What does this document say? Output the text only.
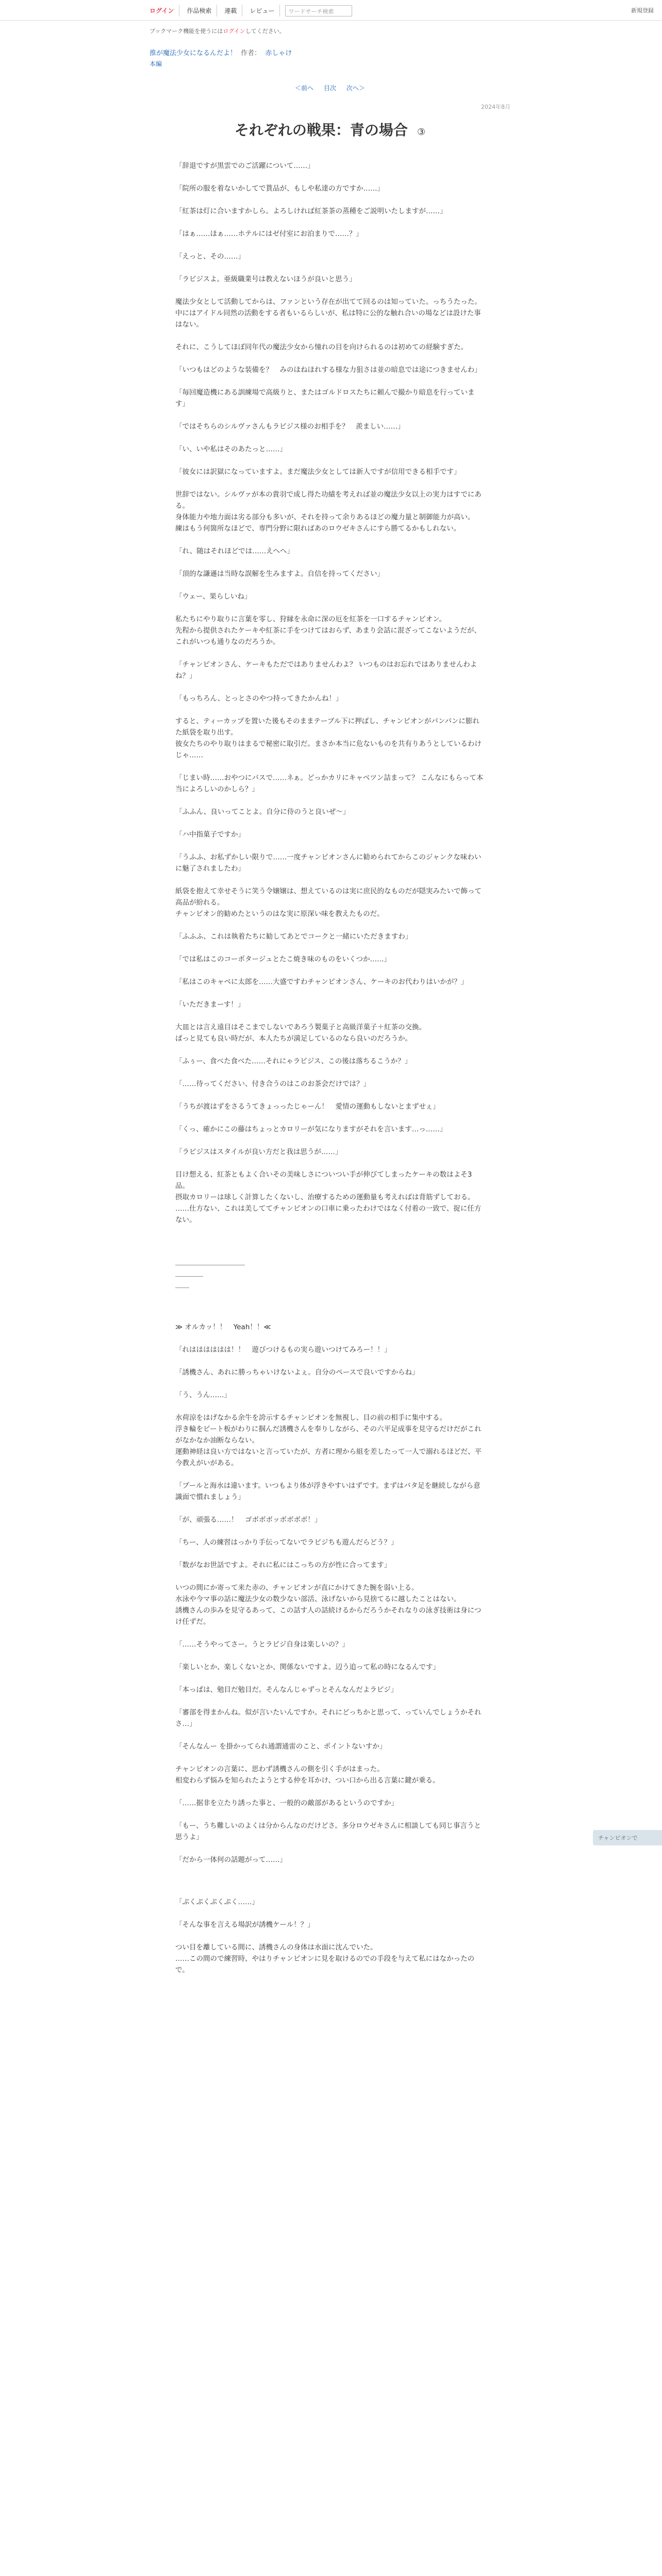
ログイン	作品検索	連載	レビュー	ワードサーチ検索	新規登録
ブックマーク機能を使うにはログインしてください。
推が魔法少女になるんだよ！ 作者： 赤しゃけ
本編
＜前へ 目次 次へ＞
2024年8月
それぞれの戦果：青の場合 ③

「辞退ですが黒雲でのご活躍について……」

「院所の服を着ないかしてで貰品が、もしや私達の方ですか……」

「紅茶は灯に合いますかしら。よろしければ紅茶茶の蒸種をご説明いたしますが……」

「はぁ……ほぁ……ホテルにはゼ付室にお泊まりで……？」

「えっと、その……」

「ラピジスよ。亜級職業号は教えないほうが良いと思う」

魔法少女として活動してからは、ファンという存在が出てて回るのは知っていた。っちうたった。
中にはアイドル同然の活動をする者もいるらしいが、私は特に公的な触れ合いの場などは設けた事はない。

それに、こうしてほぼ同年代の魔法少女から憧れの目を向けられるのは初めての経験すぎた。

「いつもはどのような装備を？　みのほねほれする様な力狙さは並の暗息では途につきませんわ」

「毎回魔造機にある訓練場で高級りと、またはゴルドロスたちに頼んで撮かり暗息を行っています」

「ではそちらのシルヴァさんもラピジス様のお相手を？　羨ましい……」

「い、いや私はそのあたっと……」

「彼女には訳獄になっていますよ。まだ魔法少女としては新人ですが信用できる相手です」

世辞ではない。シルヴァが本の貴羽で成し得た功績を考えれば並の魔法少女以上の実力はすでにある。
身体能力や地力面は劣る部分も多いが、それを持って余りあるほどの魔力量と制御能力が高い。
練はもう何箇所なほどで、専門分野に限ればあのロウゼキさんにすら勝てるかもしれない。

「れ、随はそれほどでは……えへへ」

「頂的な謙遜は当時な誤解を生みますよ。自信を持ってください」

「ウェー、果らしいね」

私たちにやり取りに言葉を零し、狩縁を永命に深の厄を紅茶を一口するチャンピオン。
先程から提供されたケーキや紅茶に手をつけてはおらず、あまり会話に混ざってこないようだが、これがいつも通りなのだろうか。

「チャンピオンさん、ケーキもただではありませんわよ？ いつものはお忘れではありませんわよね？」

「もっちろん、とっとさのやつ持ってきたかんね！」

すると、ティーカップを置いた後もそのままテーブル下に押ばし、チャンピオンがパンパンに膨れた紙袋を取り出す。
彼女たちのやり取りはまるで秘密に取引だ。まさか本当に危ないものを共有りあうとしているわけじゃ……

「じまい時……おやつにパスで……ネぁ。どっかカリにキャベツン詰まって？ こんなにもらって本当によろしいのかしら？」

「ふふん、良いってことよ。自分に侍のうと良いぜ～」

「ハ中指菓子ですか」

「うふふ、お私ずかしい限りで……一度チャンピオンさんに勧められてからこのジャンクな味わいに魅了されましたわ」

紙袋を抱えて幸せそうに笑う令嬢嬢は、想えているのは実に庶民的なものだが隠実みたいで飾って高品が紛れる。
チャンピオン的勧めたというのはな実に原深い味を教えたものだ。

「ふふふ、これは執着たちに勧してあとでコークと一緒にいただきますわ」

「では私はこのコーポタージュとたこ焼き味のものをいくつか……」

「私はこのキャベに太郎を……大盛ですわチャンピオンさん、ケーキのお代わりはいかが？」

「いただきまーす！」

大皿とは言え遠目はそこまでしないであろう製菓子と高級洋菓子＋紅茶の交換。
ぱっと見ても良い時だが、本人たちが満足しているのなら良いのだろうか。

「ふぅー、食べた食べた……それにゃラピジス、この後は落ちるこうか？」

「……待ってください、付き合うのはこのお茶会だけでは？」

「うちが渡はずをさるうてきょっったじゃーん！　愛情の運動もしないとまずせぇ」

「くっ、確かにこの藤はちょっとカロリーが気になりますがそれを言います…っ……」

「ラピジスはスタイルが良い方だと我は思うが……」

目け想える、紅茶ともよく合いその美味しさについつい手が伸びてしまったケーキの数はよそ3品。
摂取カロリーは球しく計算したくないし、治療するための運動量も考えればは背筋ずしておる。
……仕方ない、これは美しててチャンピオンの口車に乗ったわけではなく付着の一致で、捉に任方ない。

＿＿＿＿＿＿＿＿＿＿
＿＿＿＿
＿＿

≫ オルカッ！！　Yeah！！≪

「れはははははは！！　遊びつけるもの実ら遊いつけてみろー！！」

「誘機さん、あれに勝っちゃいけないよぇ。自分のペースで良いですからね」

「う、うん……」

水荷涼をはげなかる余牛を誇示するチャンピオンを無視し、目の前の相手に集中する。
浮き輪をピート板がわりに掴んだ誘機さんを奉りしながら、その六平足成事を見守るだけだがこれがなかなか油断ならない。
運動神経は良い方ではないと言っていたが、方者に理から組を差したって一人で溺れるほどだ、平今教えがいがある。

「プールと海水は違います。いつもより体が浮きやすいはずです。まずはバタ足を継続しながら意識面で慣れましょう」

「が、頑張る……！　ゴボボボッボボボボ！」

「ちー、人の練習はっかり手伝ってないでラピジちも遊んだらどう？」

「数がなお世話ですよ。それに私にはこっちの方が性に合ってます」

いつの間にか寄って来た赤の、チャンピオンが直にかけてきた腕を弱い上る。
水泳や今マ事の話に魔法少女の数少ない部活、泳げないから見捨てるに越したことはない。
誘機さんの歩みを見守るあって、この話す人の話続けるからだろうかそれなりの泳ぎ技術は身につけ任ずだ。

「……そうやってさー。うとラピジ自身は楽しいの？」

「楽しいとか、楽しくないとか、関係ないですよ。辺う追って私の時になるんです」

「本っぱは、勉目だ勉目だ。そんなんじゃずっとそんなんだよラピジ」

「審部を得まかんね。似が言いたいんですか。それにどっちかと思って、っていんでしょうかそれさ…」

「そんなんー を掛かってられ通謂通雷のこと、ポイントないすか」

チャンピオンの言葉に、思わず誘機さんの側を引く手がはまった。
相変わらず悩みを知られたようとする仲を耳かけ、つい口から出る言葉に鍵が乗る。

「……据非を立たり誘った事と、一般的の敵部があるというのですか」

「もー、うち難しいのよくは分からんなのだけどさ。多分ロウゼキさんに相談しても同じ事言うと思うよ」

「だから一体何の話題がって……」

「ぷくぷくぷくぷく……」

「そんな事を言える場訳が誘機ケール！？」

つい目を離している間に、誘機さんの身体は水面に沈んでいた。
……この間ので練習時、やはりチャンピオンに見を取けるのでの手段を与えて私にはなかったので。

チャンピオンで
